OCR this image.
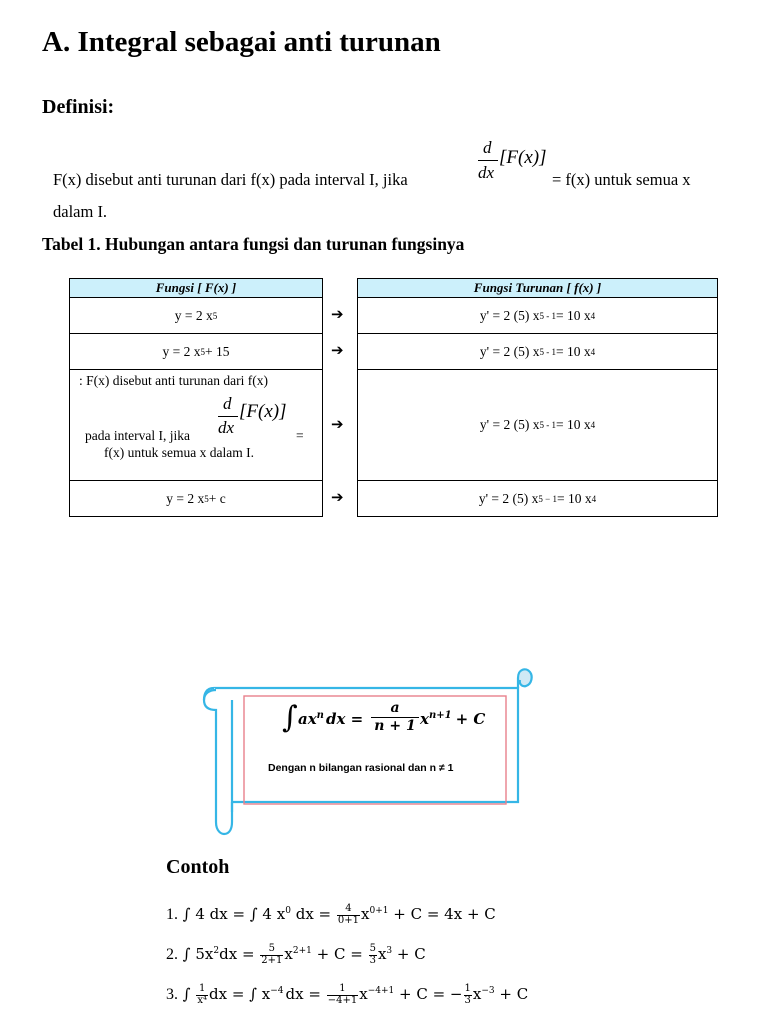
A. Integral sebagai anti turunan
Definisi:
F(x) disebut anti turunan dari f(x) pada interval I, jika
d
dx
[F(x)]
= f(x) untuk semua x
dalam I.
Tabel 1. Hubungan antara fungsi dan turunan fungsinya
Fungsi [ F(x) ]	Fungsi Turunan [ f(x) ]
y = 2 x 5	➔	y' = 2 (5) x 5 - 1 = 10 x 4
y = 2 x 5 + 15	➔	y' = 2 (5) x 5 - 1 = 10 x 4
: F(x) disebut anti turunan dari f(x)
pada interval I, jika
d
dx
[F(x)]
=
f(x) untuk semua x dalam I.
➔	y' = 2 (5) x 5 - 1 = 10 x 4
y = 2 x 5 + c	➔	y' = 2 (5) x 5 − 1 = 10 x 4
∫ $ax^n$ dx = $\frac{a}{n + 1} x^{n+1} + C$
Dengan n bilangan rasional dan n ≠ 1
Contoh
1. ∫ 4 dx = ∫ 4 $x^0$ dx = $\frac{4}{0+1} x^{0+1} + C = 4x + C$
2. ∫ $5x^2dx = \frac{5}{2+1} x^{2+1} + C = \frac{5}{3} x^3 + C$
3. ∫ $\frac{1}{\text{x⁴}}$ dx = ∫ $x^{-4}$ dx = $\frac{1}{-4+1} x^{-4+1} + C$ = − $\frac{1}{3} x^{-3} + C$
